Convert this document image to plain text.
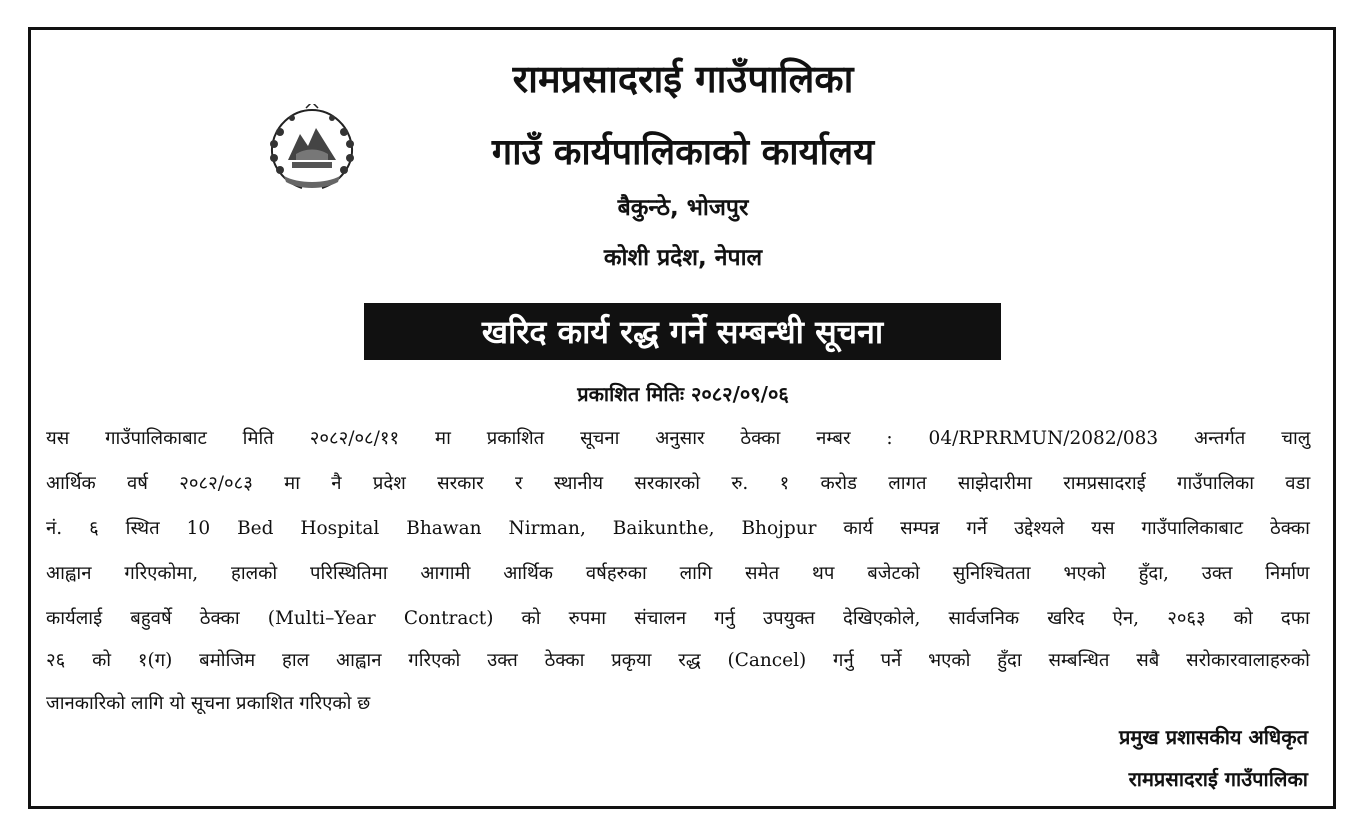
रामप्रसादराई गाउँपालिका
गाउँ कार्यपालिकाको कार्यालय
बैकुन्ठे, भोजपुर
कोशी प्रदेश, नेपाल
खरिद कार्य रद्ध गर्ने सम्बन्धी सूचना
प्रकाशित मितिः २०८२/०९/०६
यस गाउँपालिकाबाट मिति २०८२/०८/११ मा प्रकाशित सूचना अनुसार ठेक्का नम्बर : 04/RPRRMUN/2082/083 अन्तर्गत चालु
आर्थिक वर्ष २०८२/०८३ मा नै प्रदेश सरकार र स्थानीय सरकारको रु. १ करोड लागत साझेदारीमा रामप्रसादराई गाउँपालिका वडा
नं. ६ स्थित 10 Bed Hospital Bhawan Nirman, Baikunthe, Bhojpur कार्य सम्पन्न गर्ने उद्देश्यले यस गाउँपालिकाबाट ठेक्का
आह्वान गरिएकोमा, हालको परिस्थितिमा आगामी आर्थिक वर्षहरुका लागि समेत थप बजेटको सुनिश्चितता भएको हुँदा, उक्त निर्माण
कार्यलाई बहुवर्षे ठेक्का (Multi–Year Contract) को रुपमा संचालन गर्नु उपयुक्त देखिएकोले, सार्वजनिक खरिद ऐन, २०६३ को दफा
२६ को १(ग) बमोजिम हाल आह्वान गरिएको उक्त ठेक्का प्रकृया रद्ध (Cancel) गर्नु पर्ने भएको हुँदा सम्बन्धित सबै सरोकारवालाहरुको
जानकारिको लागि यो सूचना प्रकाशित गरिएको छ
प्रमुख प्रशासकीय अधिकृत
रामप्रसादराई गाउँपालिका
